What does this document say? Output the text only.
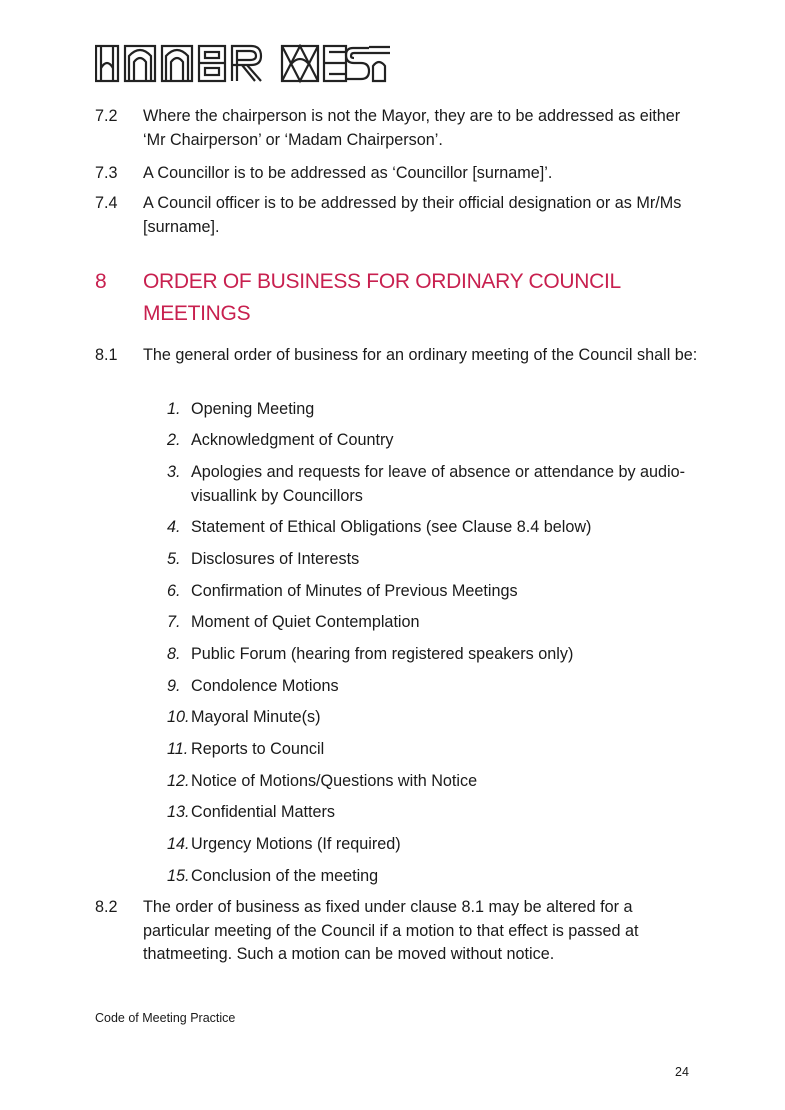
7.2 Where the chairperson is not the Mayor, they are to be addressed as either ‘Mr Chairperson’ or ‘Madam Chairperson’.
7.3 A Councillor is to be addressed as ‘Councillor [surname]’.
7.4 A Council officer is to be addressed by their official designation or as Mr/Ms [surname].
8 ORDER OF BUSINESS FOR ORDINARY COUNCIL MEETINGS
8.1 The general order of business for an ordinary meeting of the Council shall be:
1. Opening Meeting
2. Acknowledgment of Country
3. Apologies and requests for leave of absence or attendance by audio-visuallink by Councillors
4. Statement of Ethical Obligations (see Clause 8.4 below)
5. Disclosures of Interests
6. Confirmation of Minutes of Previous Meetings
7. Moment of Quiet Contemplation
8. Public Forum (hearing from registered speakers only)
9. Condolence Motions
10. Mayoral Minute(s)
11. Reports to Council
12. Notice of Motions/Questions with Notice
13. Confidential Matters
14. Urgency Motions (If required)
15. Conclusion of the meeting
8.2 The order of business as fixed under clause 8.1 may be altered for a particular meeting of the Council if a motion to that effect is passed at thatmeeting. Such a motion can be moved without notice.
Code of Meeting Practice
24
